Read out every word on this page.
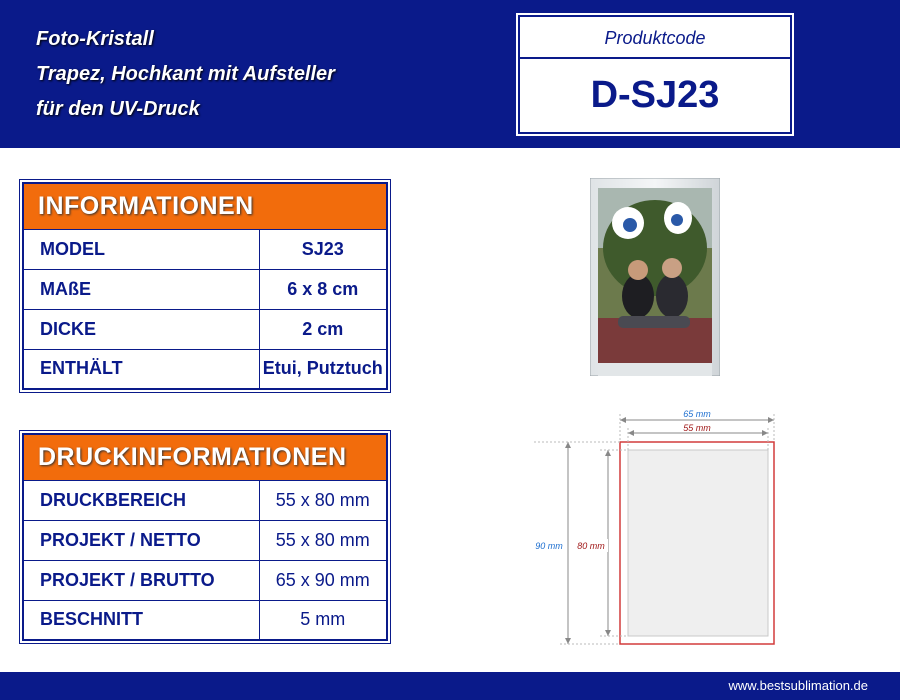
Foto-Kristall
Trapez, Hochkant mit Aufsteller
für den UV-Druck
Produktcode
D-SJ23
INFORMATIONEN	
MODEL	SJ23
MAßE	6 x 8 cm
DICKE	2 cm
ENTHÄLT	Etui, Putztuch
DRUCKINFORMATIONEN	
DRUCKBEREICH	55 x 80 mm
PROJEKT / NETTO	55 x 80 mm
PROJEKT / BRUTTO	65 x 90 mm
BESCHNITT	5 mm
65 mm
55 mm
90 mm 80 mm
www.bestsublimation.de
